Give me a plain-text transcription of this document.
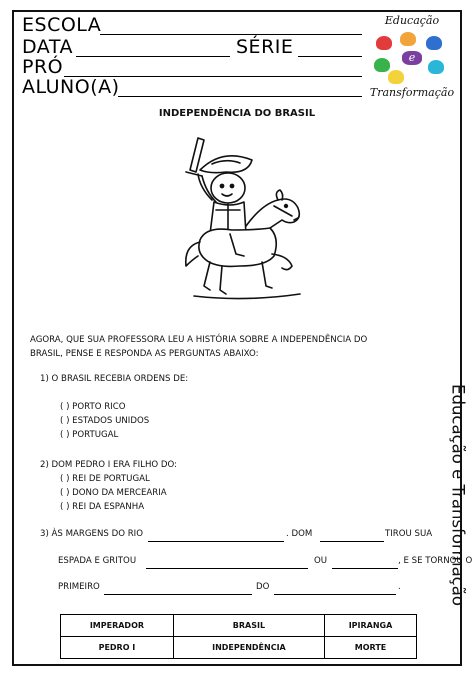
ESCOLA
DATA	SÉRIE
PRÓ
ALUNO(A)
Educação
e
Transformação
INDEPENDÊNCIA DO BRASIL
Educação e Transformação
AGORA, QUE SUA PROFESSORA LEU A HISTÓRIA SOBRE A INDEPENDÊNCIA DO
BRASIL, PENSE E RESPONDA AS PERGUNTAS ABAIXO:
1) O BRASIL RECEBIA ORDENS DE:
( ) PORTO RICO
( ) ESTADOS UNIDOS
( ) PORTUGAL
2) DOM PEDRO I ERA FILHO DO:
( ) REI DE PORTUGAL
( ) DONO DA MERCEARIA
( ) REI DA ESPANHA
3) ÀS MARGENS DO RIO	. DOM	TIROU SUA
ESPADA E GRITOU	OU	, E SE TORNOU O
PRIMEIRO	DO	.
IMPERADOR	BRASIL	IPIRANGA
PEDRO I	INDEPENDÊNCIA	MORTE
